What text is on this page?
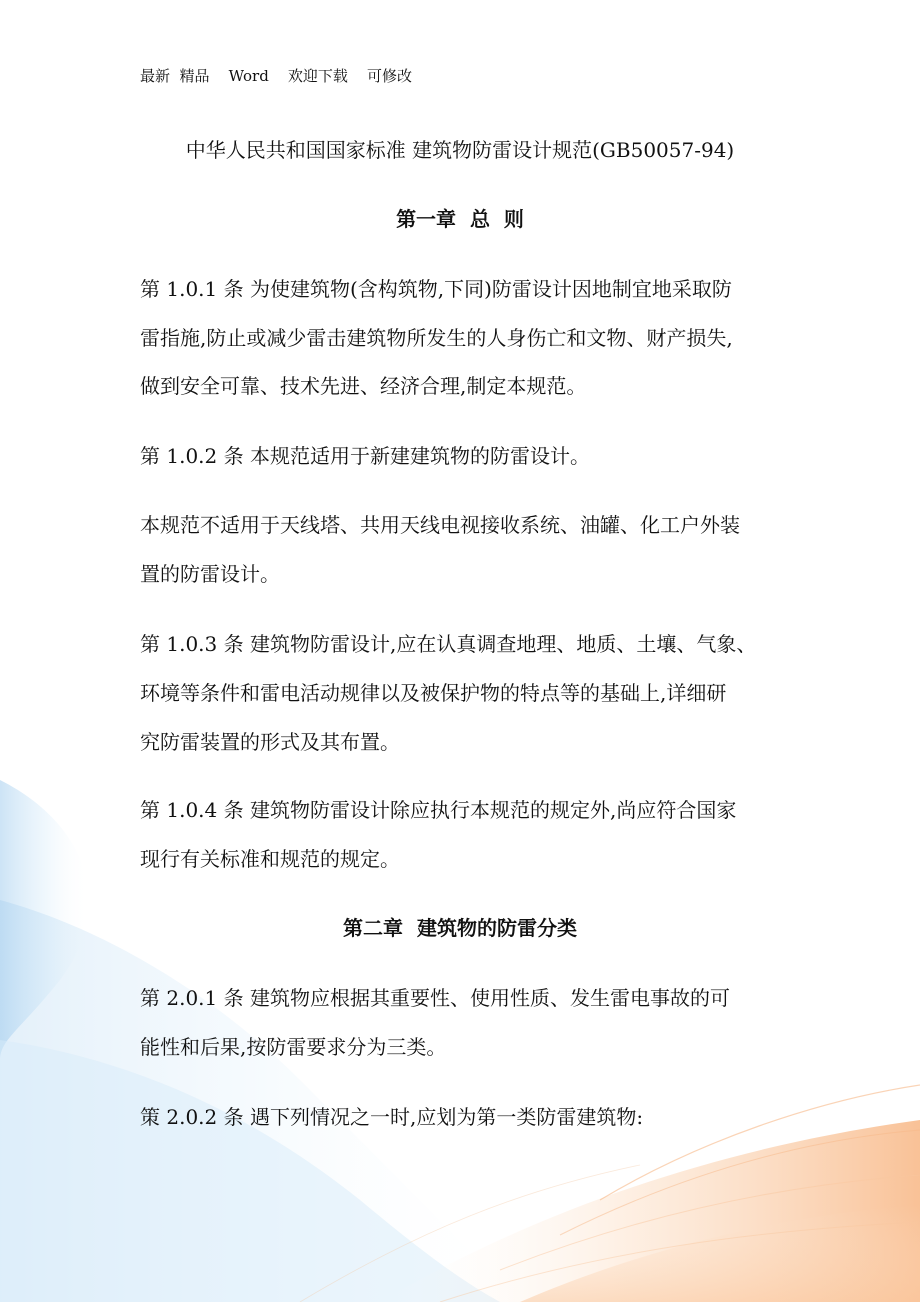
最新  精品    Word    欢迎下载    可修改
中华人民共和国国家标准 建筑物防雷设计规范(GB50057-94)
第一章  总  则
第 1.0.1 条 为使建筑物(含构筑物,下同)防雷设计因地制宜地采取防
雷指施,防止或减少雷击建筑物所发生的人身伤亡和文物、财产损失,
做到安全可靠、技术先进、经济合理,制定本规范。
第 1.0.2 条 本规范适用于新建建筑物的防雷设计。
本规范不适用于天线塔、共用天线电视接收系统、油罐、化工户外装
置的防雷设计。
第 1.0.3 条 建筑物防雷设计,应在认真调查地理、地质、土壤、气象、
环境等条件和雷电活动规律以及被保护物的特点等的基础上,详细研
究防雷装置的形式及其布置。
第 1.0.4 条 建筑物防雷设计除应执行本规范的规定外,尚应符合国家
现行有关标准和规范的规定。
第二章  建筑物的防雷分类
第 2.0.1 条 建筑物应根据其重要性、使用性质、发生雷电事故的可
能性和后果,按防雷要求分为三类。
策 2.0.2 条 遇下列情况之一时,应划为第一类防雷建筑物:
